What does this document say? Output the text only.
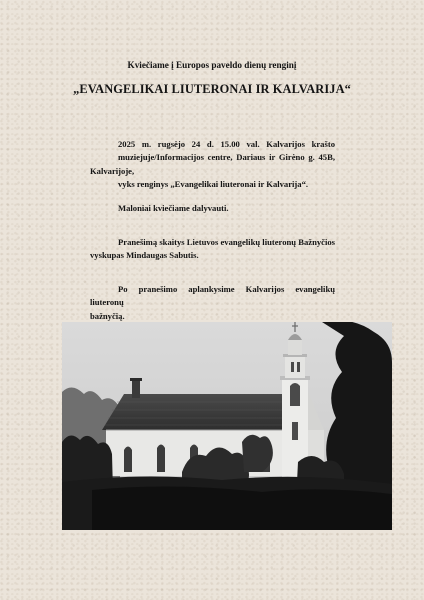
Kviečiame į Europos paveldo dienų renginį
„EVANGELIKAI LIUTERONAI IR KALVARIJA“
2025 m. rugsėjo 24 d. 15.00 val. Kalvarijos krašto
muziejuje/Informacijos centre, Dariaus ir Girėno g. 45B, Kalvarijoje,
vyks renginys „Evangelikai liuteronai ir Kalvarija“.
Maloniai kviečiame dalyvauti.
Pranešimą skaitys Lietuvos evangelikų liuteronų Bažnyčios
vyskupas Mindaugas Sabutis.
Po pranešimo aplankysime Kalvarijos evangelikų liuteronų
bažnyčią.
